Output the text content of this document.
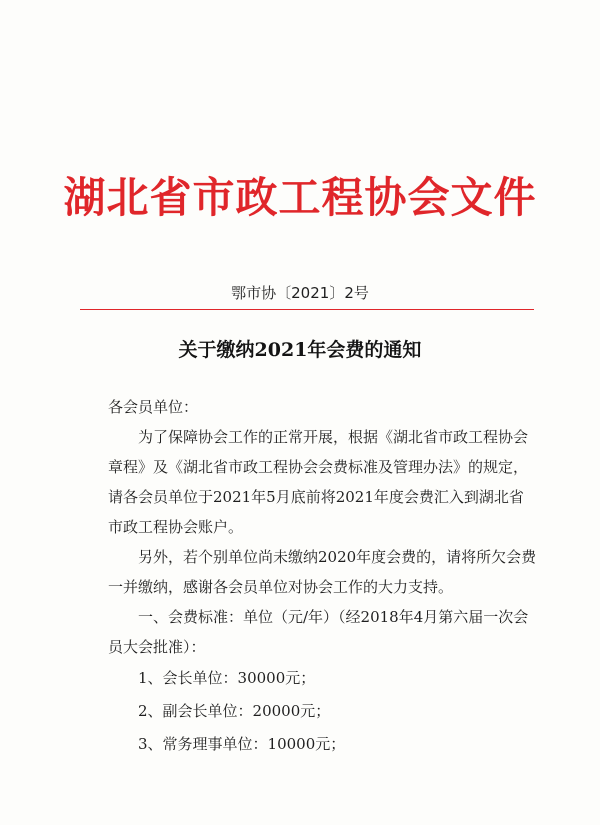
湖北省市政工程协会文件
鄂市协〔2021〕2号
关于缴纳2021年会费的通知

各会员单位：

为了保障协会工作的正常开展，根据《湖北省市政工程协会章程》及《湖北省市政工程协会会费标准及管理办法》的规定，请各会员单位于2021年5月底前将2021年度会费汇入到湖北省市政工程协会账户。

另外，若个别单位尚未缴纳2020年度会费的，请将所欠会费一并缴纳，感谢各会员单位对协会工作的大力支持。

一、会费标准：单位（元/年）（经2018年4月第六届一次会员大会批准）：

1、会长单位：30000元；

2、副会长单位：20000元；

3、常务理事单位：10000元；
